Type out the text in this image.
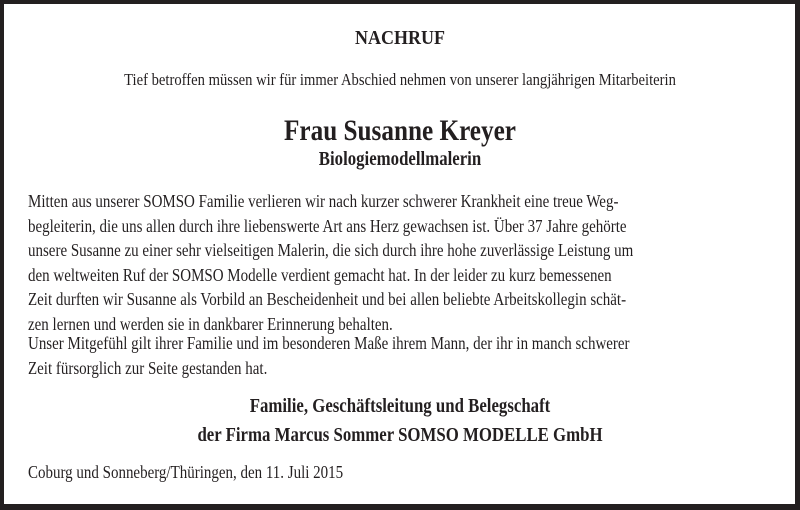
NACHRUF
Tief betroffen müssen wir für immer Abschied nehmen von unserer langjährigen Mitarbeiterin
Frau Susanne Kreyer
Biologiemodellmalerin
Mitten aus unserer SOMSO Familie verlieren wir nach kurzer schwerer Krankheit eine treue Weg-
begleiterin, die uns allen durch ihre liebenswerte Art ans Herz gewachsen ist. Über 37 Jahre gehörte
unsere Susanne zu einer sehr vielseitigen Malerin, die sich durch ihre hohe zuverlässige Leistung um
den weltweiten Ruf der SOMSO Modelle verdient gemacht hat. In der leider zu kurz bemessenen
Zeit durften wir Susanne als Vorbild an Bescheidenheit und bei allen beliebte Arbeitskollegin schät-
zen lernen und werden sie in dankbarer Erinnerung behalten.
Unser Mitgefühl gilt ihrer Familie und im besonderen Maße ihrem Mann, der ihr in manch schwerer
Zeit fürsorglich zur Seite gestanden hat.
Familie, Geschäftsleitung und Belegschaft
der Firma Marcus Sommer SOMSO MODELLE GmbH
Coburg und Sonneberg/Thüringen, den 11. Juli 2015
